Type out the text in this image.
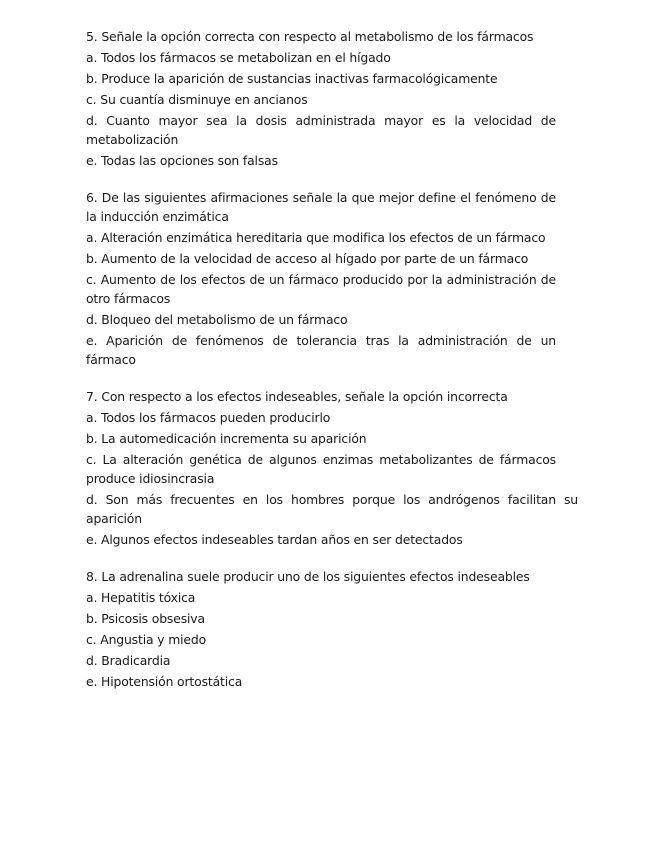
5. Señale la opción correcta con respecto al metabolismo de los fármacos

a. Todos los fármacos se metabolizan en el hígado

b. Produce la aparición de sustancias inactivas farmacológicamente

c. Su cuantía disminuye en ancianos

d. Cuanto mayor sea la dosis administrada mayor es la velocidad de metabolización

e. Todas las opciones son falsas

6. De las siguientes afirmaciones señale la que mejor define el fenómeno de la inducción enzimática

a. Alteración enzimática hereditaria que modifica los efectos de un fármaco

b. Aumento de la velocidad de acceso al hígado por parte de un fármaco

c. Aumento de los efectos de un fármaco producido por la administración de otro fármacos

d. Bloqueo del metabolismo de un fármaco

e. Aparición de fenómenos de tolerancia tras la administración de un fármaco

7. Con respecto a los efectos indeseables, señale la opción incorrecta

a. Todos los fármacos pueden producirlo

b. La automedicación incrementa su aparición

c. La alteración genética de algunos enzimas metabolizantes de fármacos produce idiosincrasia

d. Son más frecuentes en los hombres porque los andrógenos facilitan su aparición

e. Algunos efectos indeseables tardan años en ser detectados

8. La adrenalina suele producir uno de los siguientes efectos indeseables

a. Hepatitis tóxica

b. Psicosis obsesiva

c. Angustia y miedo

d. Bradicardia

e. Hipotensión ortostática
